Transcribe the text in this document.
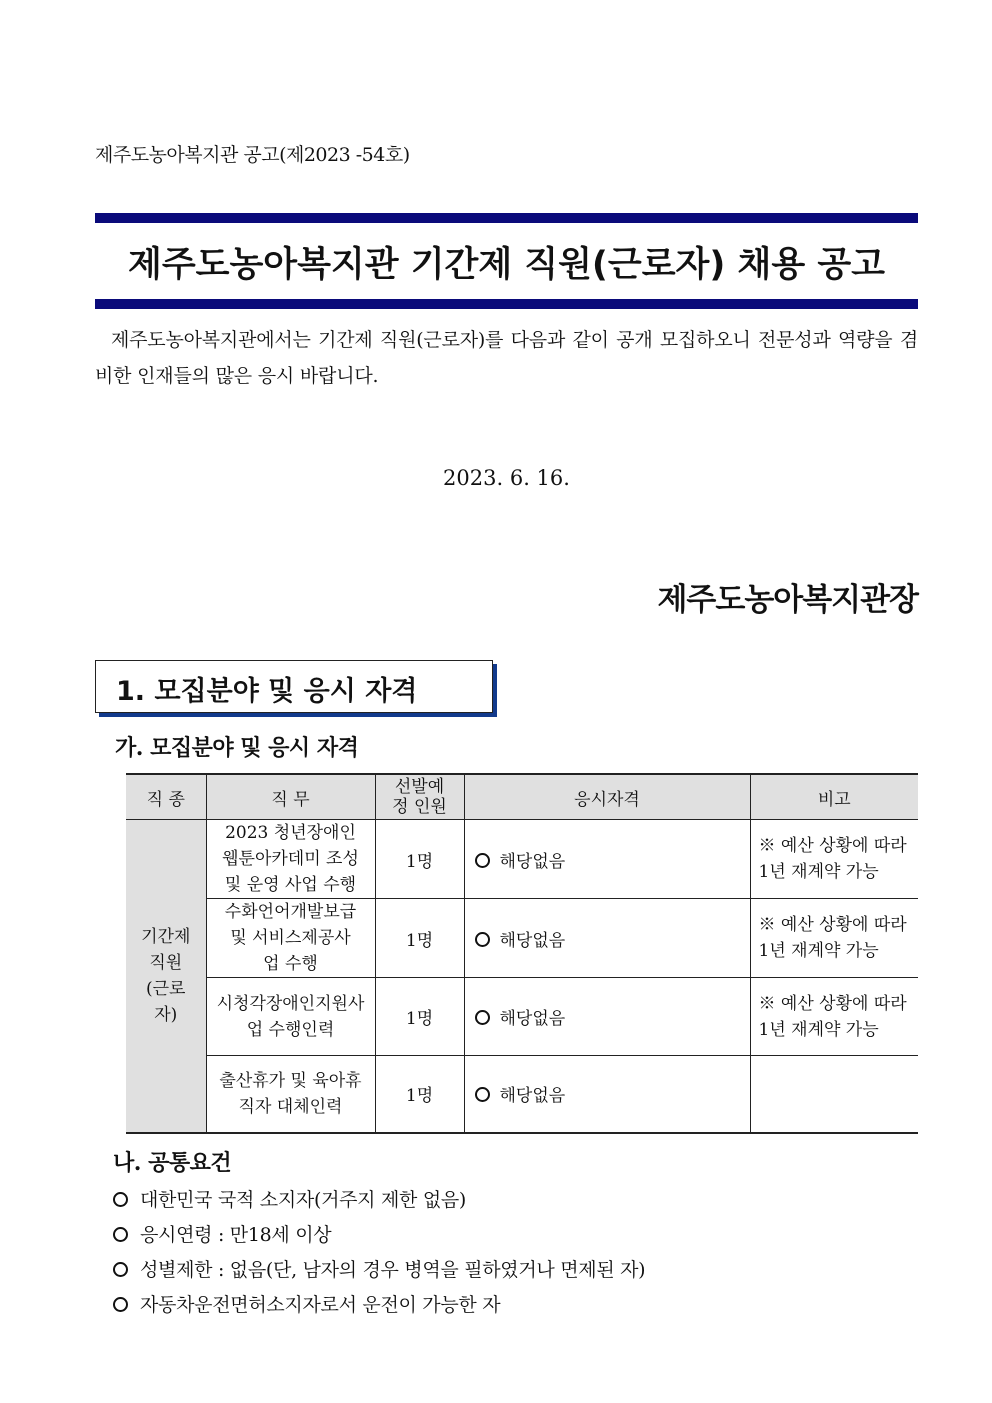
제주도농아복지관 공고(제2023 -54호)
제주도농아복지관 기간제 직원(근로자) 채용 공고
제주도농아복지관에서는 기간제 직원(근로자)를 다음과 같이 공개 모집하오니 전문성과 역량을 겸비한 인재들의 많은 응시 바랍니다.
2023. 6. 16.
제주도농아복지관장
1. 모집분야 및 응시 자격
가. 모집분야 및 응시 자격
직 종	직 무	선발예정 인원	응시자격	비고
기간제 직원 (근로자)	2023 청년장애인 웹툰아카데미 조성 및 운영 사업 수행	1명	해당없음	※ 예산 상황에 따라 1년 재계약 가능
	수화언어개발보급 및 서비스제공사업 수행	1명	해당없음	※ 예산 상황에 따라 1년 재계약 가능
	시청각장애인지원사업 수행인력	1명	해당없음	※ 예산 상황에 따라 1년 재계약 가능
	출산휴가 및 육아휴직자 대체인력	1명	해당없음	
나. 공통요건
대한민국 국적 소지자(거주지 제한 없음)
응시연령 : 만18세 이상
성별제한 : 없음(단, 남자의 경우 병역을 필하였거나 면제된 자)
자동차운전면허소지자로서 운전이 가능한 자
